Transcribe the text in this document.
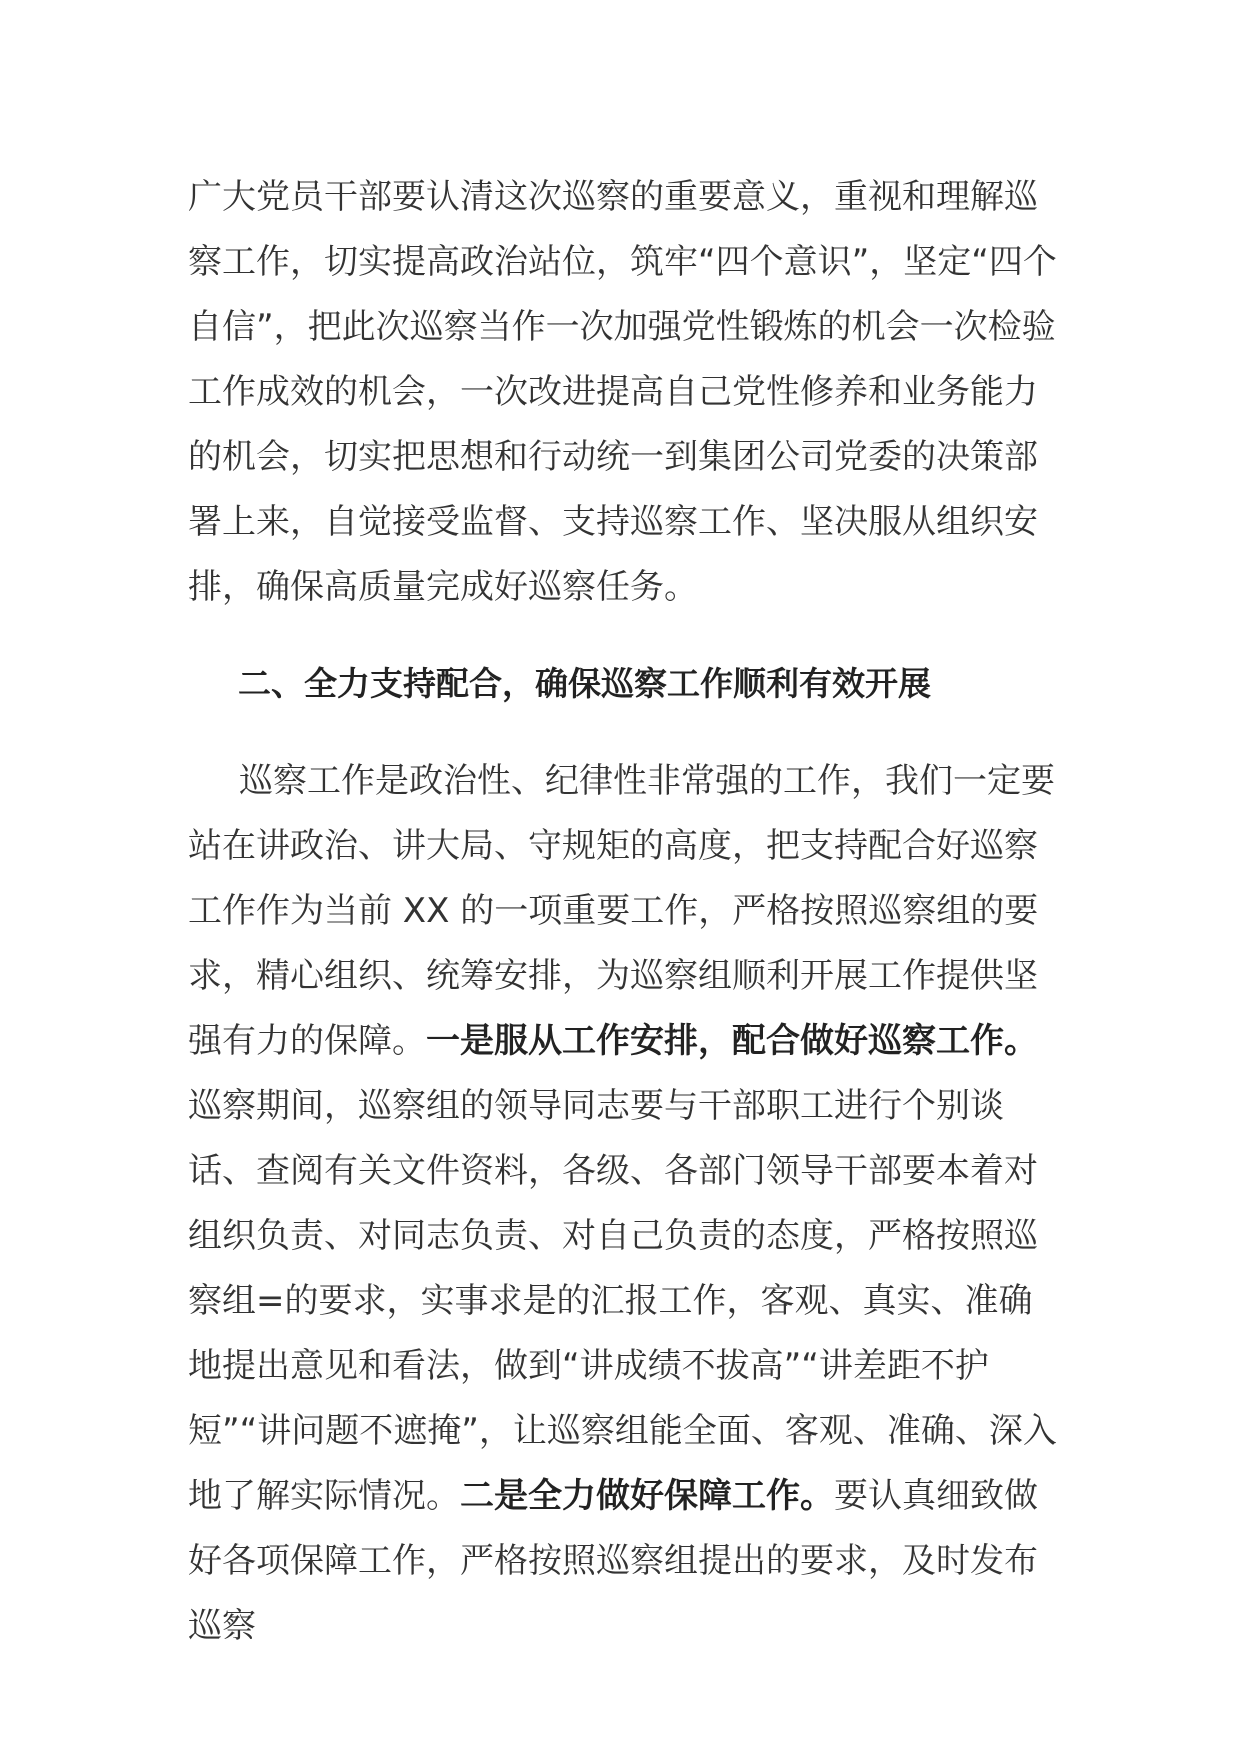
广大党员干部要认清这次巡察的重要意义，重视和理解巡察工作，切实提高政治站位，筑牢“四个意识”，坚定“四个自信”，把此次巡察当作一次加强党性锻炼的机会一次检验工作成效的机会，一次改进提高自己党性修养和业务能力的机会，切实把思想和行动统一到集团公司党委的决策部署上来，自觉接受监督、支持巡察工作、坚决服从组织安排，确保高质量完成好巡察任务。
二、全力支持配合，确保巡察工作顺利有效开展
巡察工作是政治性、纪律性非常强的工作，我们一定要站在讲政治、讲大局、守规矩的高度，把支持配合好巡察工作作为当前 XX 的一项重要工作，严格按照巡察组的要求，精心组织、统筹安排，为巡察组顺利开展工作提供坚强有力的保障。一是服从工作安排，配合做好巡察工作。巡察期间，巡察组的领导同志要与干部职工进行个别谈话、查阅有关文件资料，各级、各部门领导干部要本着对组织负责、对同志负责、对自己负责的态度，严格按照巡察组=的要求，实事求是的汇报工作，客观、真实、准确地提出意见和看法，做到“讲成绩不拔高”“讲差距不护短”“讲问题不遮掩”，让巡察组能全面、客观、准确、深入地了解实际情况。二是全力做好保障工作。要认真细致做好各项保障工作，严格按照巡察组提出的要求，及时发布巡察
